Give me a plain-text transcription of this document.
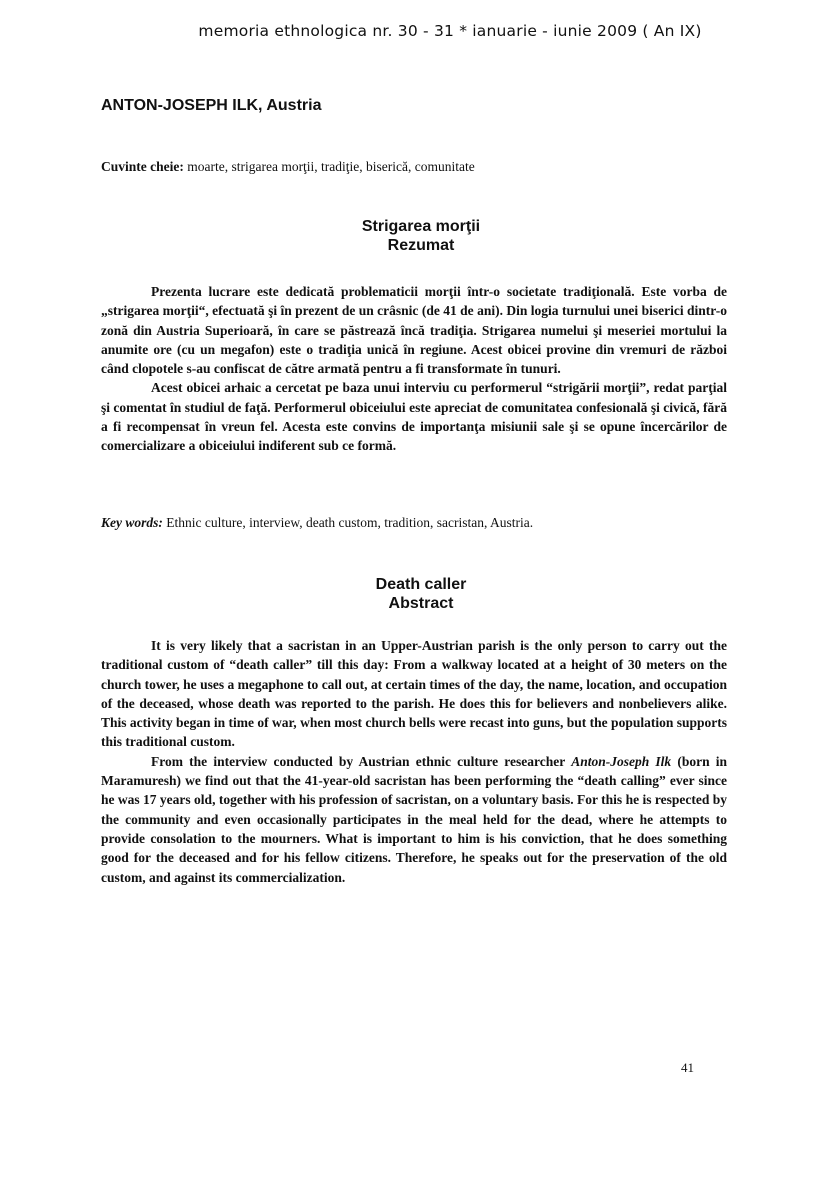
memoria ethnologica nr. 30 - 31 * ianuarie - iunie 2009 ( An IX)
ANTON-JOSEPH ILK, Austria
Cuvinte cheie: moarte, strigarea morţii, tradiţie, biserică, comunitate
Strigarea morţii
Rezumat

Prezenta lucrare este dedicată problematicii morţii într-o societate tradiţională. Este vorba de „strigarea morţii“, efectuată şi în prezent de un crâsnic (de 41 de ani). Din logia turnului unei biserici dintr-o zonă din Austria Superioară, în care se păstrează încă tradiţia. Strigarea numelui şi meseriei mortului la anumite ore (cu un megafon) este o tradiţia unică în regiune. Acest obicei provine din vremuri de război când clopotele s-au confiscat de către armată pentru a fi transformate în tunuri.

Acest obicei arhaic a cercetat pe baza unui interviu cu performerul “strigării morţii”, redat parţial şi comentat în studiul de faţă. Performerul obiceiului este apreciat de comunitatea confesională şi civică, fără a fi recompensat în vreun fel. Acesta este convins de importanţa misiunii sale şi se opune încercărilor de comercializare a obiceiului indiferent sub ce formă.

Key words: Ethnic culture, interview, death custom, tradition, sacristan, Austria.
Death caller
Abstract

It is very likely that a sacristan in an Upper-Austrian parish is the only person to carry out the traditional custom of “death caller” till this day: From a walkway located at a height of 30 meters on the church tower, he uses a megaphone to call out, at certain times of the day, the name, location, and occupation of the deceased, whose death was reported to the parish. He does this for believers and nonbelievers alike. This activity began in time of war, when most church bells were recast into guns, but the population supports this traditional custom.

From the interview conducted by Austrian ethnic culture researcher Anton-Joseph Ilk (born in Maramuresh) we find out that the 41-year-old sacristan has been performing the “death calling” ever since he was 17 years old, together with his profession of sacristan, on a voluntary basis. For this he is respected by the community and even occasionally participates in the meal held for the dead, where he attempts to provide consolation to the mourners. What is important to him is his conviction, that he does something good for the deceased and for his fellow citizens. Therefore, he speaks out for the preservation of the old custom, and against its commercialization.

41
